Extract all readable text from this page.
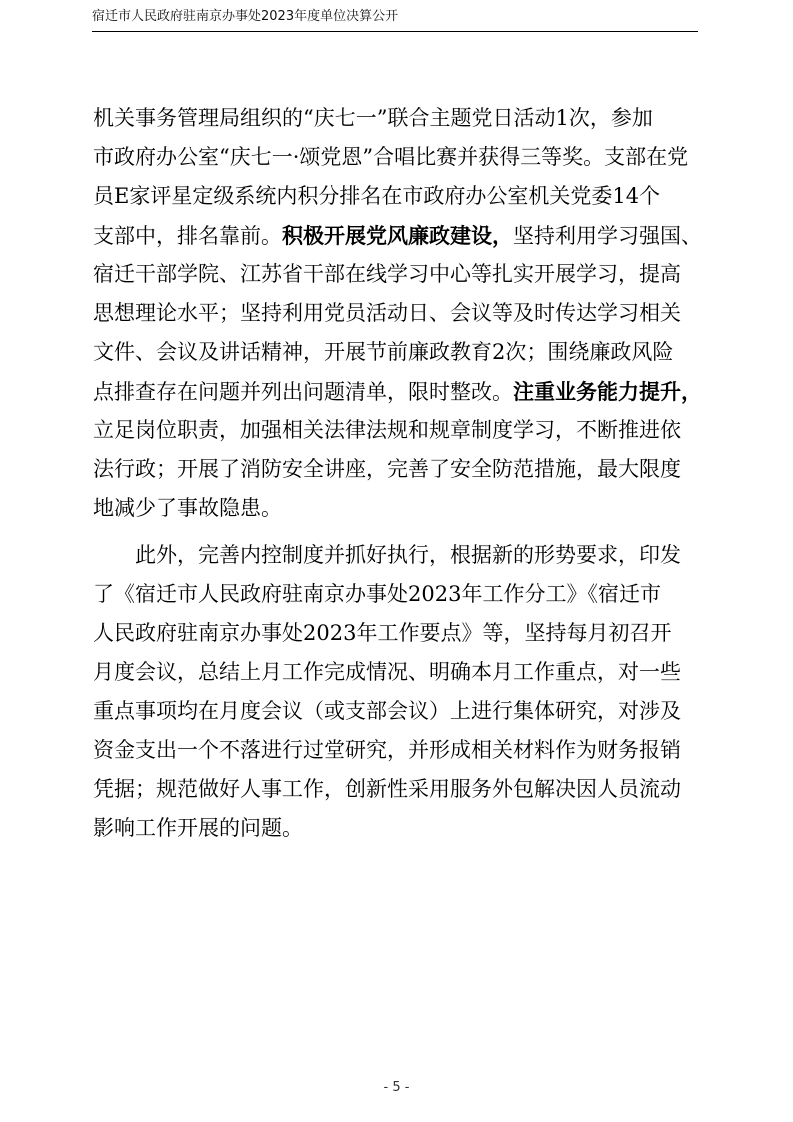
宿迁市人民政府驻南京办事处2023年度单位决算公开
机关事务管理局组织的“庆七一”联合主题党日活动1次，参加
市政府办公室“庆七一·颂党恩”合唱比赛并获得三等奖。支部在党
员E家评星定级系统内积分排名在市政府办公室机关党委14个
支部中，排名靠前。积极开展党风廉政建设，坚持利用学习强国、
宿迁干部学院、江苏省干部在线学习中心等扎实开展学习，提高
思想理论水平；坚持利用党员活动日、会议等及时传达学习相关
文件、会议及讲话精神，开展节前廉政教育2次；围绕廉政风险
点排查存在问题并列出问题清单，限时整改。注重业务能力提升，
立足岗位职责，加强相关法律法规和规章制度学习，不断推进依
法行政；开展了消防安全讲座，完善了安全防范措施，最大限度
地减少了事故隐患。
　　此外，完善内控制度并抓好执行，根据新的形势要求，印发
了《宿迁市人民政府驻南京办事处2023年工作分工》《宿迁市
人民政府驻南京办事处2023年工作要点》等，坚持每月初召开
月度会议，总结上月工作完成情况、明确本月工作重点，对一些
重点事项均在月度会议（或支部会议）上进行集体研究，对涉及
资金支出一个不落进行过堂研究，并形成相关材料作为财务报销
凭据；规范做好人事工作，创新性采用服务外包解决因人员流动
影响工作开展的问题。
- 5 -
